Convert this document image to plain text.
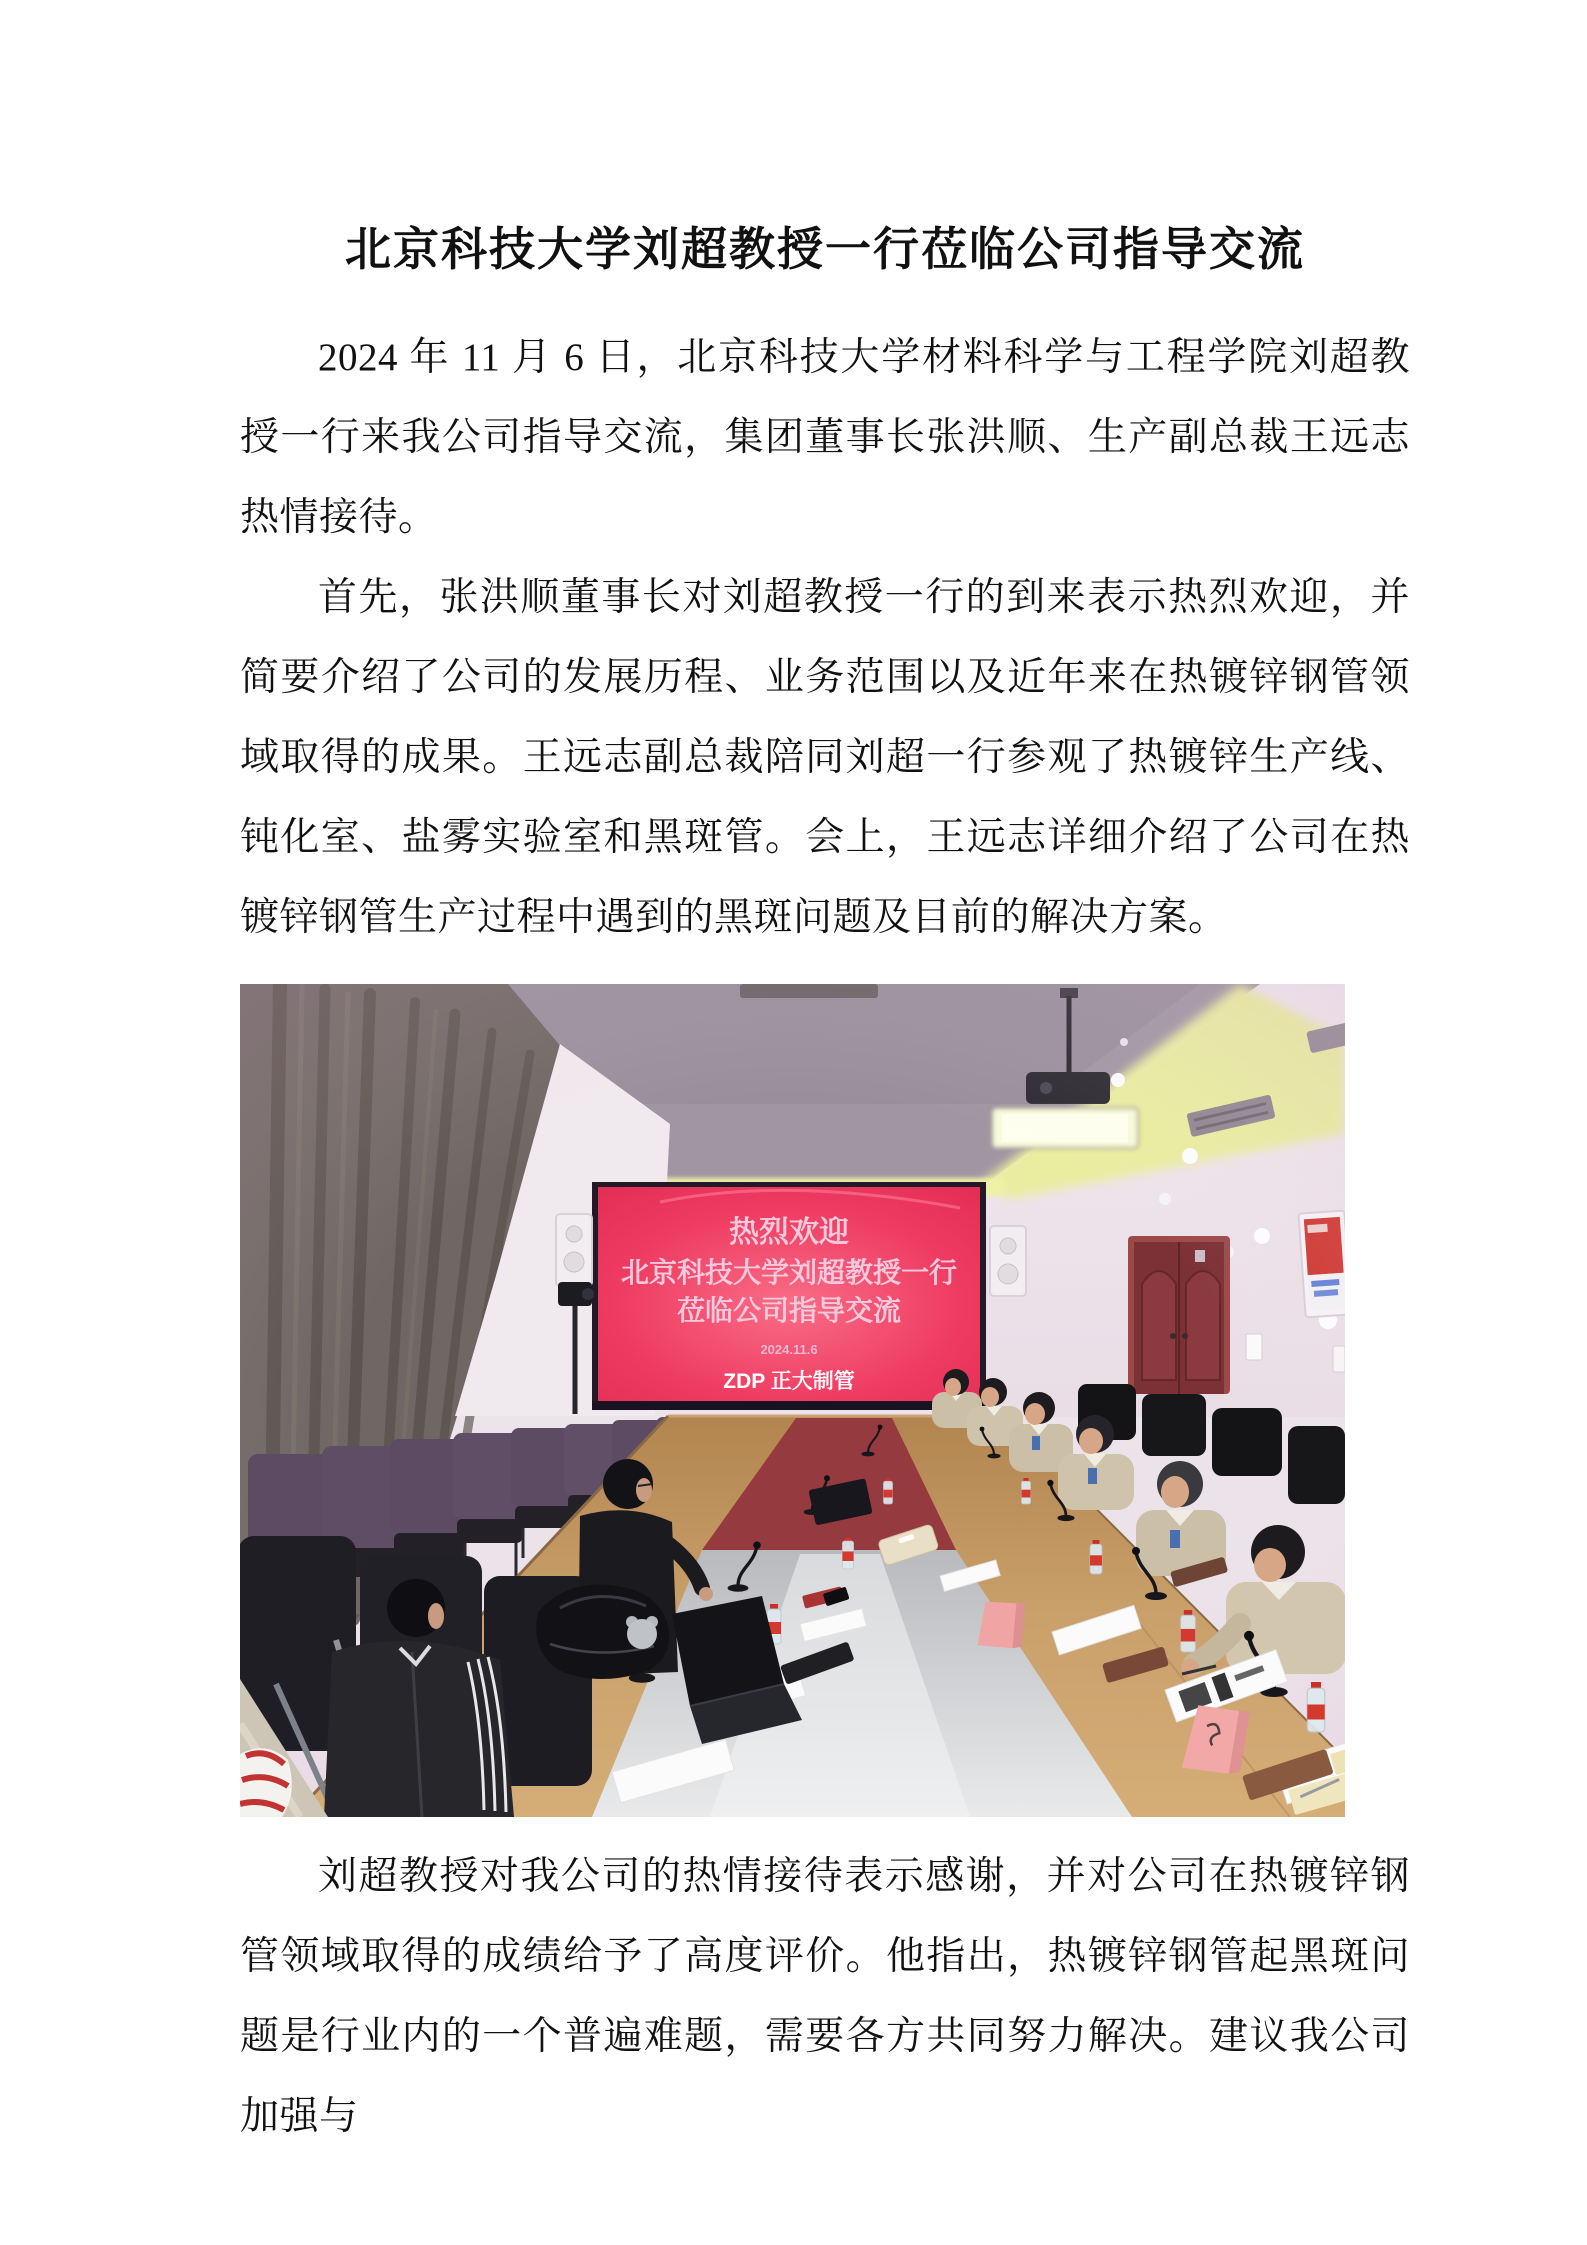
北京科技大学刘超教授一行莅临公司指导交流

2024 年 11 月 6 日，北京科技大学材料科学与工程学院刘超教授一行来我公司指导交流，集团董事长张洪顺、生产副总裁王远志热情接待。

首先，张洪顺董事长对刘超教授一行的到来表示热烈欢迎，并简要介绍了公司的发展历程、业务范围以及近年来在热镀锌钢管领域取得的成果。王远志副总裁陪同刘超一行参观了热镀锌生产线、钝化室、盐雾实验室和黑斑管。会上，王远志详细介绍了公司在热镀锌钢管生产过程中遇到的黑斑问题及目前的解决方案。

热烈欢迎
北京科技大学刘超教授一行
莅临公司指导交流
2024.11.6
ZDP 正大制管

刘超教授对我公司的热情接待表示感谢，并对公司在热镀锌钢管领域取得的成绩给予了高度评价。他指出，热镀锌钢管起黑斑问题是行业内的一个普遍难题，需要各方共同努力解决。建议我公司加强与
